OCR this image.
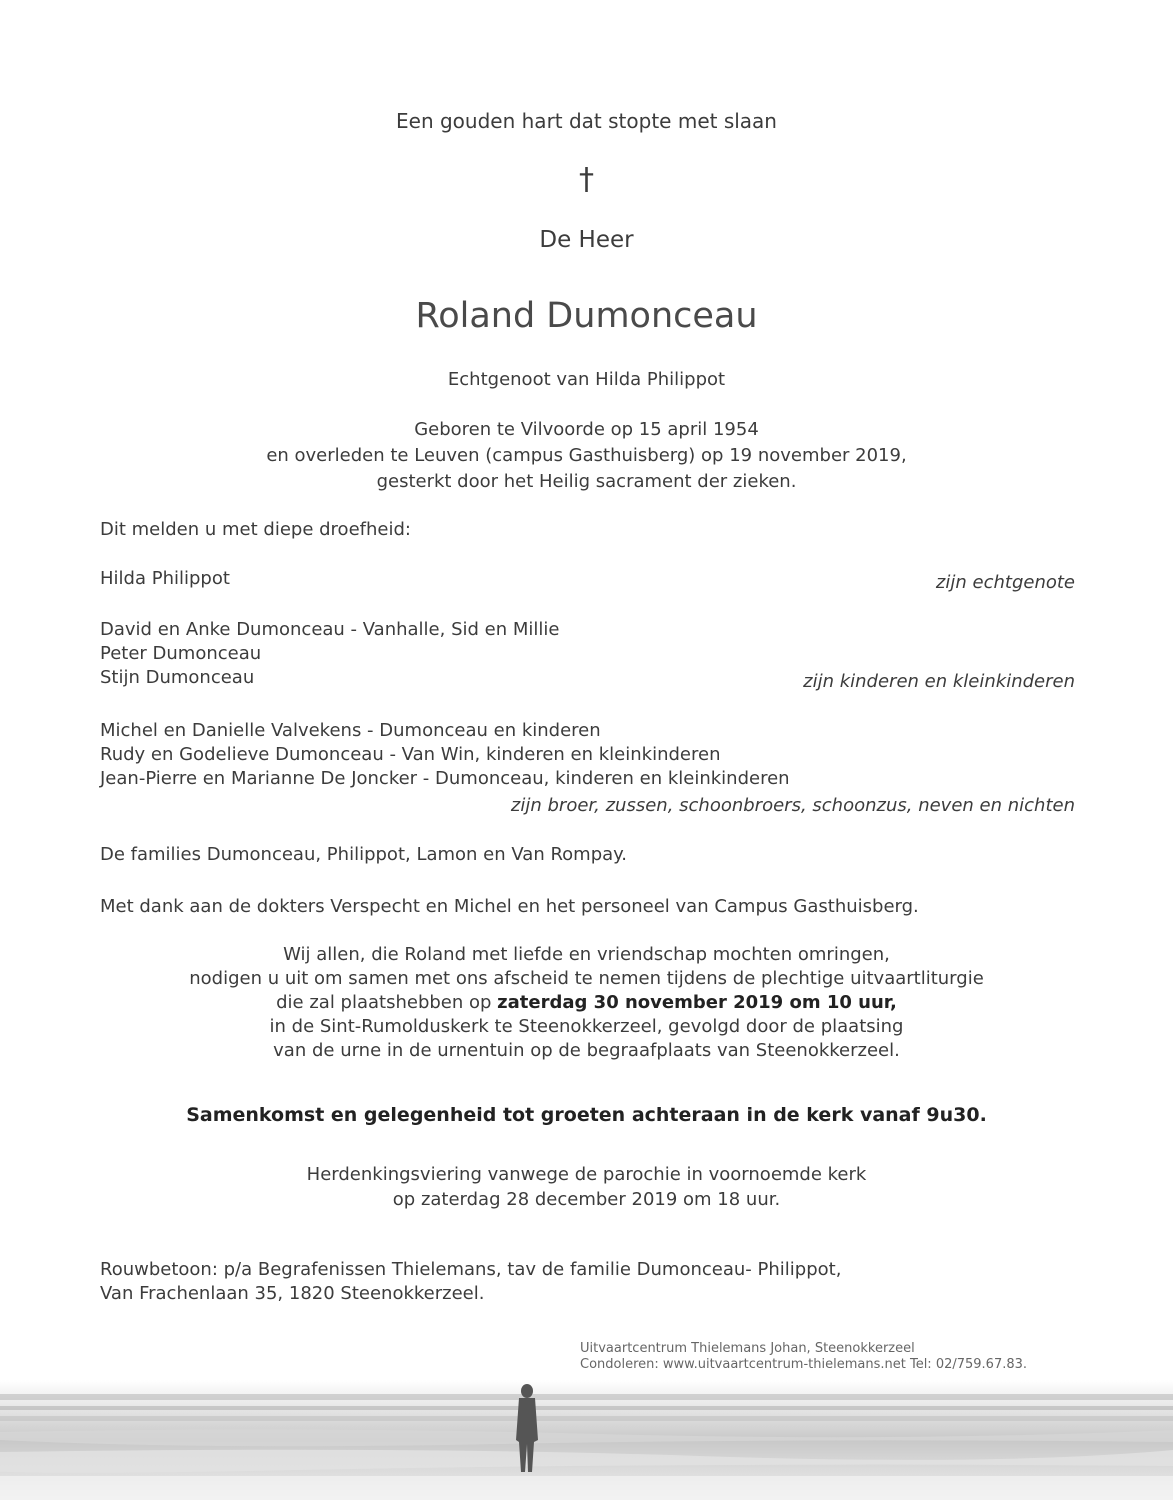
Een gouden hart dat stopte met slaan
†
De Heer
Roland Dumonceau
Echtgenoot van Hilda Philippot
Geboren te Vilvoorde op 15 april 1954
en overleden te Leuven (campus Gasthuisberg) op 19 november 2019,
gesterkt door het Heilig sacrament der zieken.
Dit melden u met diepe droefheid:
Hilda Philippot	zijn echtgenote
David en Anke Dumonceau - Vanhalle, Sid en Millie
Peter Dumonceau
Stijn Dumonceau	zijn kinderen en kleinkinderen
Michel en Danielle Valvekens - Dumonceau en kinderen
Rudy en Godelieve Dumonceau - Van Win, kinderen en kleinkinderen
Jean-Pierre en Marianne De Joncker - Dumonceau, kinderen en kleinkinderen
zijn broer, zussen, schoonbroers, schoonzus, neven en nichten
De families Dumonceau, Philippot, Lamon en Van Rompay.
Met dank aan de dokters Verspecht en Michel en het personeel van Campus Gasthuisberg.
Wij allen, die Roland met liefde en vriendschap mochten omringen,
nodigen u uit om samen met ons afscheid te nemen tijdens de plechtige uitvaartliturgie
die zal plaatshebben op zaterdag 30 november 2019 om 10 uur,
in de Sint-Rumolduskerk te Steenokkerzeel, gevolgd door de plaatsing
van de urne in de urnentuin op de begraafplaats van Steenokkerzeel.
Samenkomst en gelegenheid tot groeten achteraan in de kerk vanaf 9u30.
Herdenkingsviering vanwege de parochie in voornoemde kerk
op zaterdag 28 december 2019 om 18 uur.
Rouwbetoon: p/a Begrafenissen Thielemans, tav de familie Dumonceau- Philippot,
Van Frachenlaan 35, 1820 Steenokkerzeel.
Uitvaartcentrum Thielemans Johan, Steenokkerzeel
Condoleren: www.uitvaartcentrum-thielemans.net Tel: 02/759.67.83.
